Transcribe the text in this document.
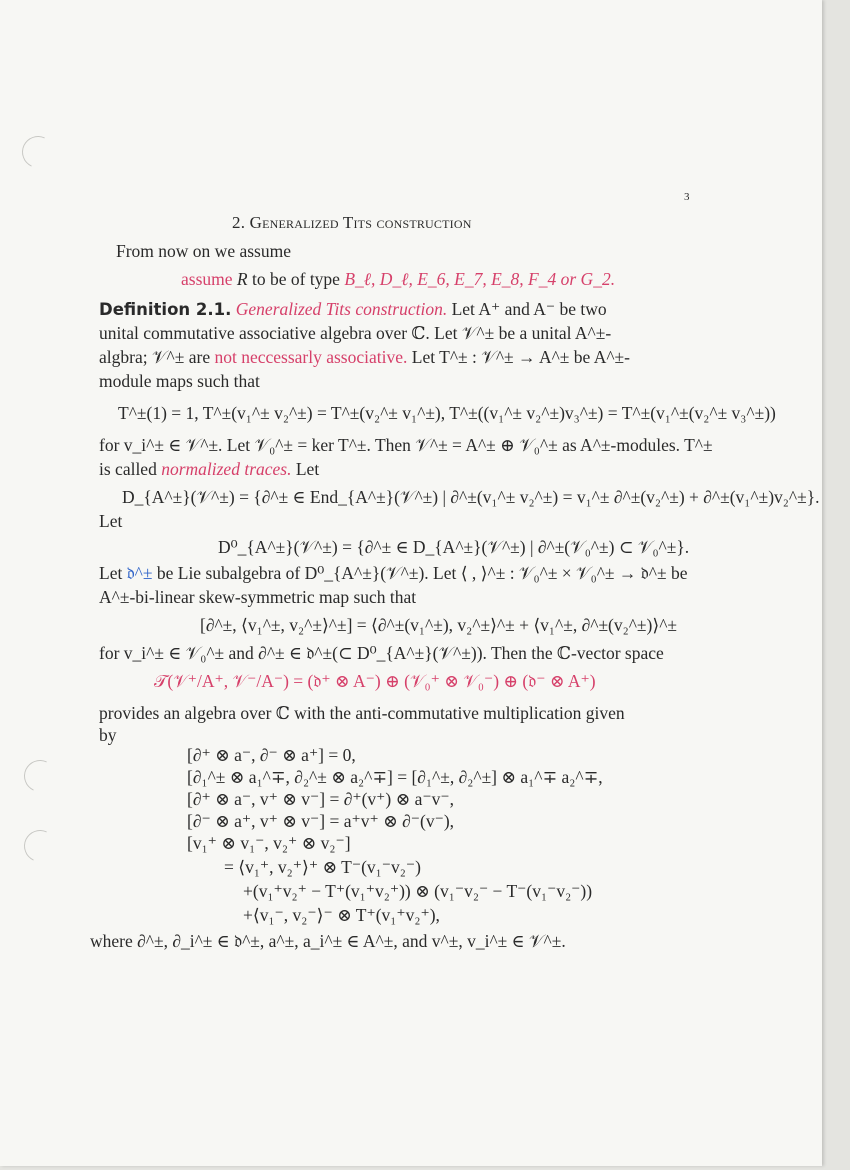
3
2. Generalized Tits construction
From now on we assume
assume R to be of type B_ℓ, D_ℓ, E_6, E_7, E_8, F_4 or G_2.
Definition 2.1. Generalized Tits construction. Let A⁺ and A⁻ be two
unital commutative associative algebra over ℂ. Let 𝒱^± be a unital A^±-
algbra; 𝒱^± are not neccessarly associative. Let T^± : 𝒱^± → A^± be A^±-
module maps such that
T^±(1) = 1, T^±(v₁^± v₂^±) = T^±(v₂^± v₁^±), T^±((v₁^± v₂^±)v₃^±) = T^±(v₁^±(v₂^± v₃^±))
for v_i^± ∈ 𝒱^±. Let 𝒱₀^± = ker T^±. Then 𝒱^± = A^± ⊕ 𝒱₀^± as A^±-modules. T^±
is called normalized traces. Let
D_{A^±}(𝒱^±) = {∂^± ∈ End_{A^±}(𝒱^±) | ∂^±(v₁^± v₂^±) = v₁^± ∂^±(v₂^±) + ∂^±(v₁^±)v₂^±}.
Let
D⁰_{A^±}(𝒱^±) = {∂^± ∈ D_{A^±}(𝒱^±) | ∂^±(𝒱₀^±) ⊂ 𝒱₀^±}.
Let 𝔡^± be Lie subalgebra of D⁰_{A^±}(𝒱^±). Let ⟨ , ⟩^± : 𝒱₀^± × 𝒱₀^± → 𝔡^± be
A^±-bi-linear skew-symmetric map such that
[∂^±, ⟨v₁^±, v₂^±⟩^±] = ⟨∂^±(v₁^±), v₂^±⟩^± + ⟨v₁^±, ∂^±(v₂^±)⟩^±
for v_i^± ∈ 𝒱₀^± and ∂^± ∈ 𝔡^±(⊂ D⁰_{A^±}(𝒱^±)). Then the ℂ-vector space
𝒯(𝒱⁺/A⁺, 𝒱⁻/A⁻) = (𝔡⁺ ⊗ A⁻) ⊕ (𝒱₀⁺ ⊗ 𝒱₀⁻) ⊕ (𝔡⁻ ⊗ A⁺)
provides an algebra over ℂ with the anti-commutative multiplication given
by
[∂⁺ ⊗ a⁻, ∂⁻ ⊗ a⁺] = 0,
[∂₁^± ⊗ a₁^∓, ∂₂^± ⊗ a₂^∓] = [∂₁^±, ∂₂^±] ⊗ a₁^∓ a₂^∓,
[∂⁺ ⊗ a⁻, v⁺ ⊗ v⁻] = ∂⁺(v⁺) ⊗ a⁻v⁻,
[∂⁻ ⊗ a⁺, v⁺ ⊗ v⁻] = a⁺v⁺ ⊗ ∂⁻(v⁻),
[v₁⁺ ⊗ v₁⁻, v₂⁺ ⊗ v₂⁻]
= ⟨v₁⁺, v₂⁺⟩⁺ ⊗ T⁻(v₁⁻v₂⁻)
+(v₁⁺v₂⁺ − T⁺(v₁⁺v₂⁺)) ⊗ (v₁⁻v₂⁻ − T⁻(v₁⁻v₂⁻))
+⟨v₁⁻, v₂⁻⟩⁻ ⊗ T⁺(v₁⁺v₂⁺),
where ∂^±, ∂_i^± ∈ 𝔡^±, a^±, a_i^± ∈ A^±, and v^±, v_i^± ∈ 𝒱^±.
